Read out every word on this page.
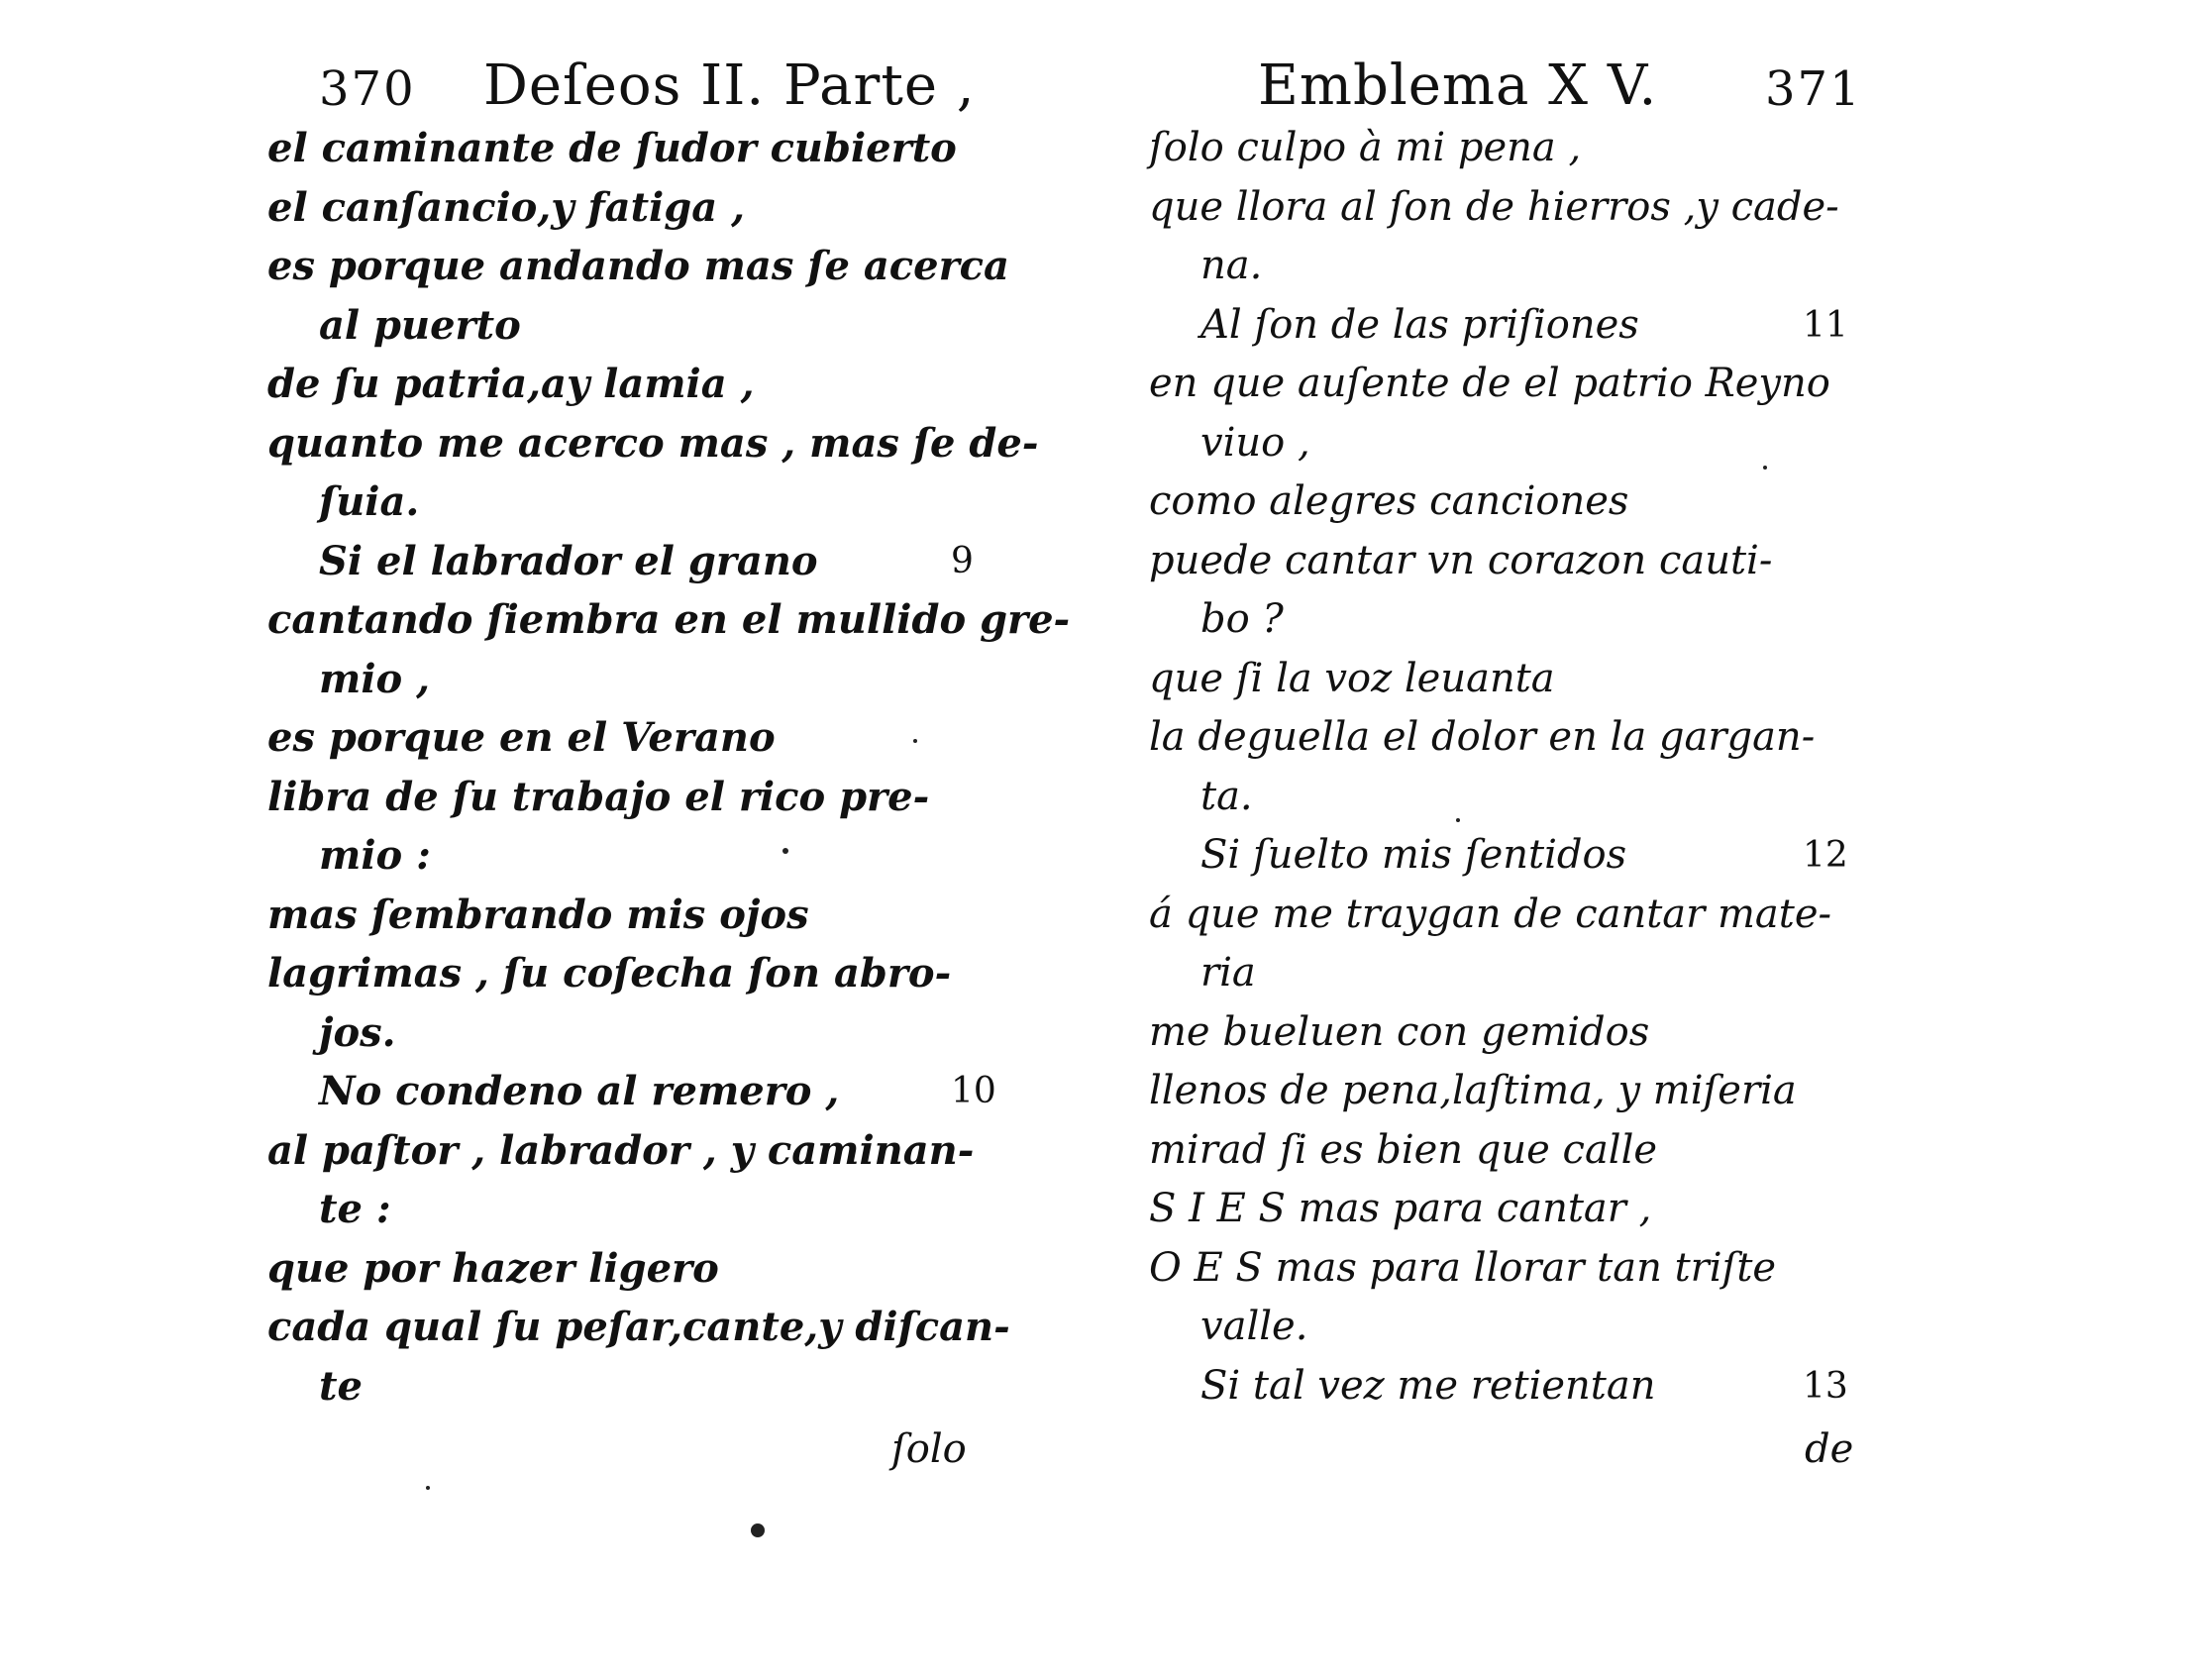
370 Deſeos II. Parte ,
el caminante de ſudor cubierto
el canſancio,y fatiga ,
es porque andando mas ſe acerca
al puerto
de ſu patria,ay lamia ,
quanto me acerco mas , mas ſe de-
ſuia.
Si el labrador el grano	9
cantando ſiembra en el mullido gre-
mio ,
es porque en el Verano
libra de ſu trabajo el rico pre-
mio :
mas ſembrando mis ojos
lagrimas , ſu coſecha ſon abro-
jos.
No condeno al remero ,	10
al paſtor , labrador , y caminan-
te :
que por hazer ligero
cada qual ſu peſar,cante,y diſcan-
te
ſolo
Emblema X V. 371
ſolo culpo à mi pena ,
que llora al ſon de hierros ,y cade-
na.
Al ſon de las priſiones	11
en que auſente de el patrio Reyno
viuo ,
como alegres canciones
puede cantar vn corazon cauti-
bo ?
que ſi la voz leuanta
la deguella el dolor en la gargan-
ta.
Si ſuelto mis ſentidos	12
á que me traygan de cantar mate-
ria
me bueluen con gemidos
llenos de pena,laſtima, y miſeria
mirad ſi es bien que calle
S I E S mas para cantar ,
O E S mas para llorar tan triſte
valle.
Si tal vez me retientan	13
de
